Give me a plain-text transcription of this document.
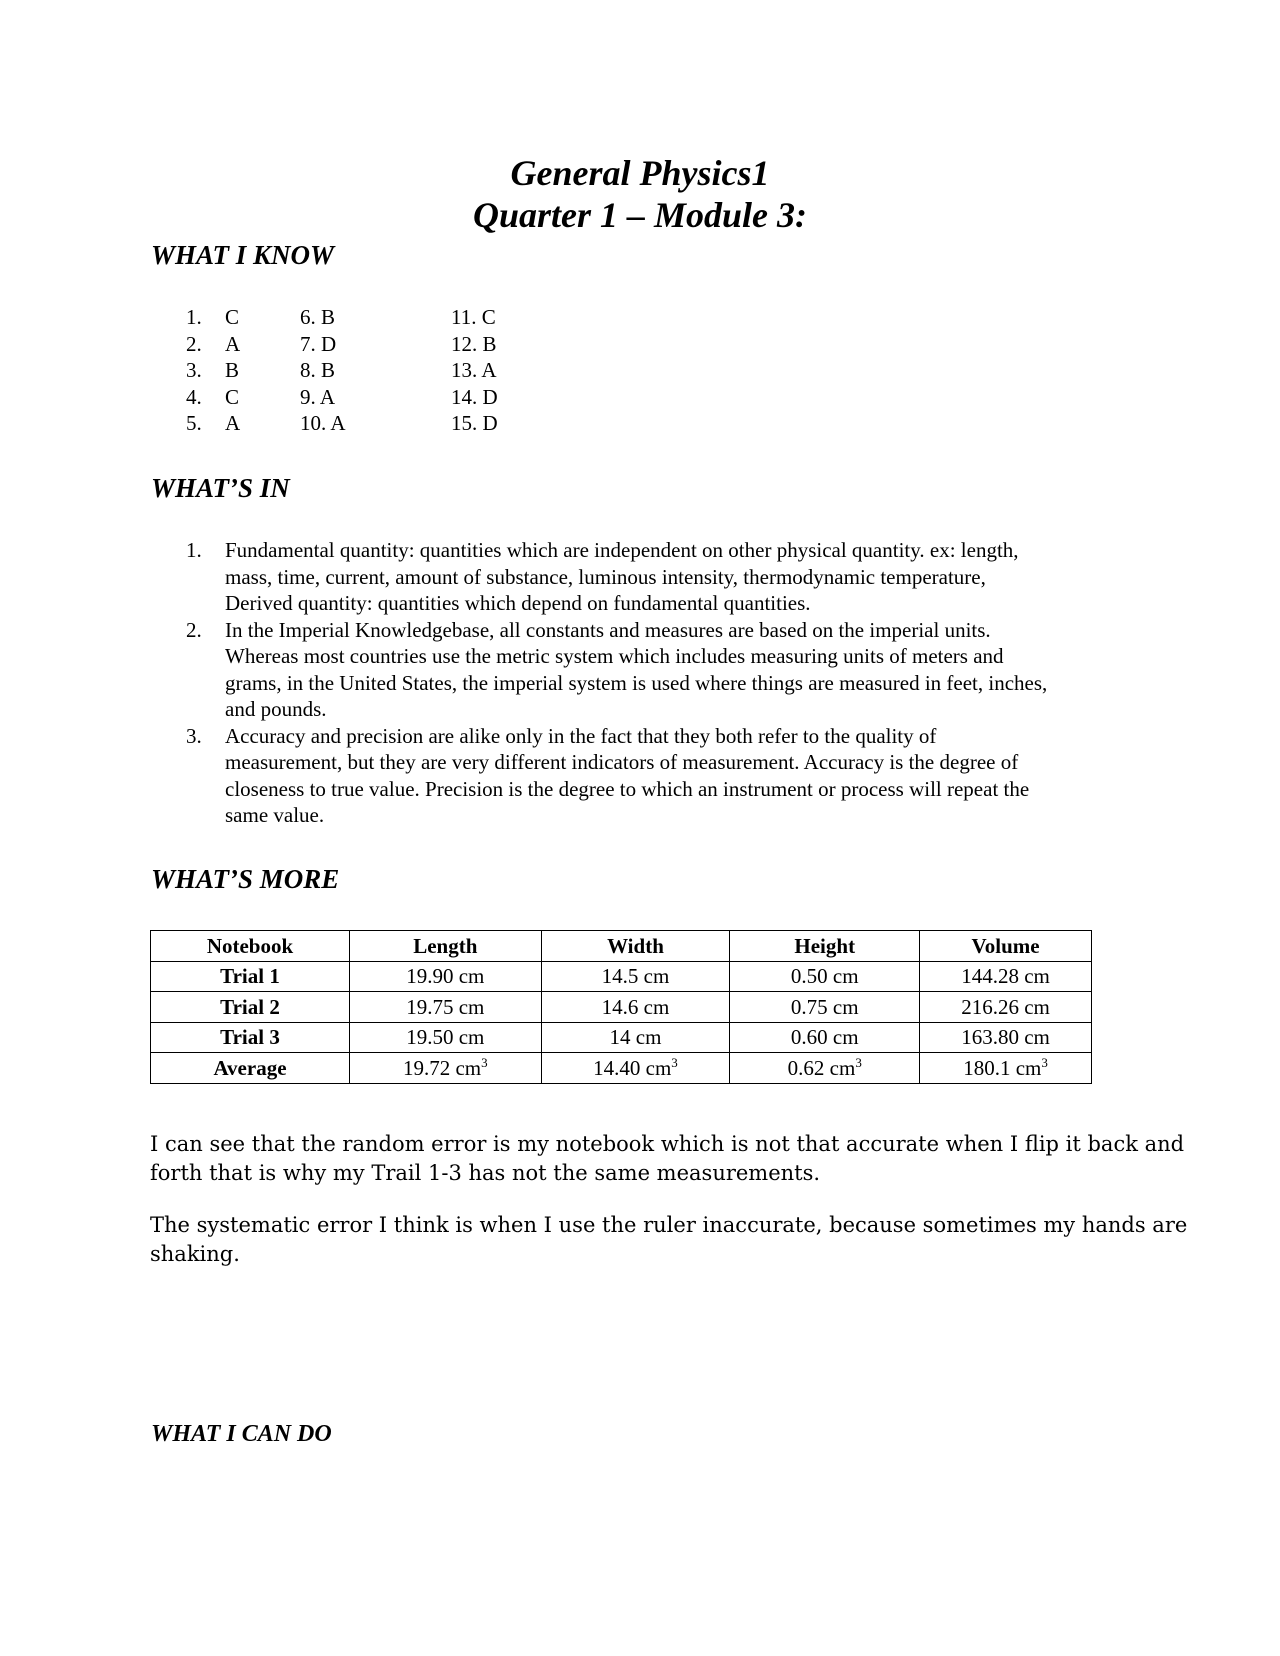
General Physics1
Quarter 1 – Module 3:
WHAT I KNOW
1. C	6. B	11. C
2. A	7. D	12. B
3. B	8. B	13. A
4. C	9. A	14. D
5. A	10. A	15. D
WHAT’S IN
1. Fundamental quantity: quantities which are independent on other physical quantity. ex: length,
mass, time, current, amount of substance, luminous intensity, thermodynamic temperature,
Derived quantity: quantities which depend on fundamental quantities.
2. In the Imperial Knowledgebase, all constants and measures are based on the imperial units.
Whereas most countries use the metric system which includes measuring units of meters and
grams, in the United States, the imperial system is used where things are measured in feet, inches,
and pounds.
3. Accuracy and precision are alike only in the fact that they both refer to the quality of
measurement, but they are very different indicators of measurement. Accuracy is the degree of
closeness to true value. Precision is the degree to which an instrument or process will repeat the
same value.
WHAT’S MORE
Notebook	Length	Width	Height	Volume
Trial 1	19.90 cm	14.5 cm	0.50 cm	144.28 cm
Trial 2	19.75 cm	14.6 cm	0.75 cm	216.26 cm
Trial 3	19.50 cm	14 cm	0.60 cm	163.80 cm
Average	19.72 $cm^3$	14.40 $cm^3$	0.62 $cm^3$	180.1 $cm^3$
I can see that the random error is my notebook which is not that accurate when I flip it back and
forth that is why my Trail 1-3 has not the same measurements.
The systematic error I think is when I use the ruler inaccurate, because sometimes my hands are
shaking.
WHAT I CAN DO
